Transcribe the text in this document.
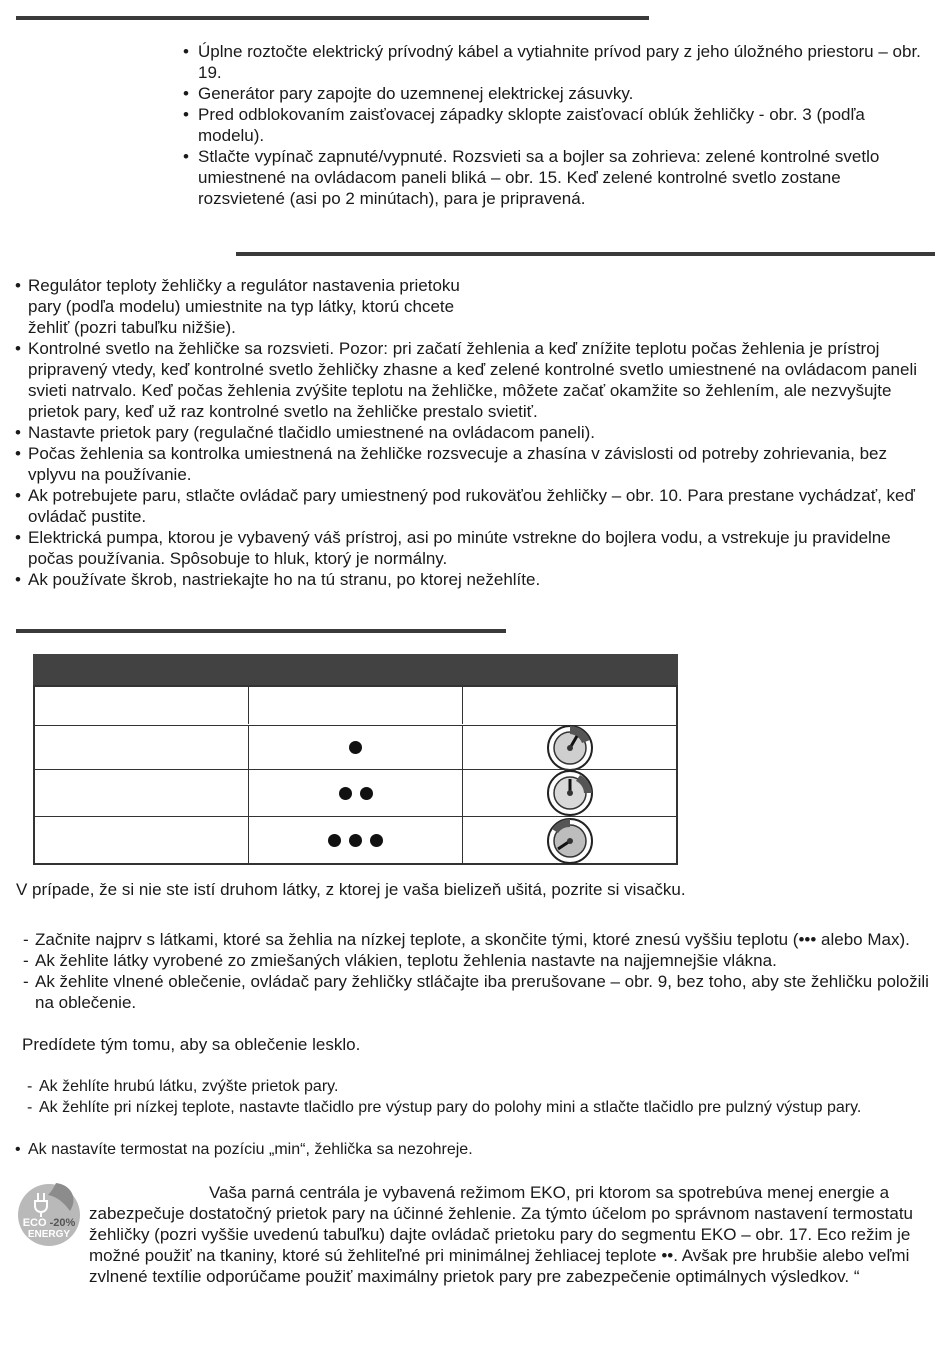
• Úplne roztočte elektrický prívodný kábel a vytiahnite prívod pary z jeho úložného priestoru – obr. 19.
• Generátor pary zapojte do uzemnenej elektrickej zásuvky.
• Pred odblokovaním zaisťovacej západky sklopte zaisťovací oblúk žehličky - obr. 3 (podľa modelu).
• Stlačte vypínač zapnuté/vypnuté. Rozsvieti sa a bojler sa zohrieva: zelené kontrolné svetlo umiestnené na ovládacom paneli bliká – obr. 15. Keď zelené kontrolné svetlo zostane rozsvietené (asi po 2 minútach), para je pripravená.
• Regulátor teploty žehličky a regulátor nastavenia prietoku pary (podľa modelu) umiestnite na typ látky, ktorú chcete žehliť (pozri tabuľku nižšie).
• Kontrolné svetlo na žehličke sa rozsvieti. Pozor: pri začatí žehlenia a keď znížite teplotu počas žehlenia je prístroj pripravený vtedy, keď kontrolné svetlo žehličky zhasne a keď zelené kontrolné svetlo umiestnené na ovládacom paneli svieti natrvalo. Keď počas žehlenia zvýšite teplotu na žehličke, môžete začať okamžite so žehlením, ale nezvyšujte prietok pary, keď už raz kontrolné svetlo na žehličke prestalo svietiť.
• Nastavte prietok pary (regulačné tlačidlo umiestnené na ovládacom paneli).
• Počas žehlenia sa kontrolka umiestnená na žehličke rozsvecuje a zhasína v závislosti od potreby zohrievania, bez vplyvu na používanie.
• Ak potrebujete paru, stlačte ovládač pary umiestnený pod rukoväťou žehličky – obr. 10. Para prestane vychádzať, keď ovládač pustite.
• Elektrická pumpa, ktorou je vybavený váš prístroj, asi po minúte vstrekne do bojlera vodu, a vstrekuje ju pravidelne počas používania. Spôsobuje to hluk, ktorý je normálny.
• Ak používate škrob, nastriekajte ho na tú stranu, po ktorej nežehlíte.

V prípade, že si nie ste istí druhom látky, z ktorej je vaša bielizeň ušitá, pozrite si visačku.

- Začnite najprv s látkami, ktoré sa žehlia na nízkej teplote, a skončite tými, ktoré znesú vyššiu teplotu (••• alebo Max).
- Ak žehlite látky vyrobené zo zmiešaných vlákien, teplotu žehlenia nastavte na najjemnejšie vlákna.
- Ak žehlite vlnené oblečenie, ovládač pary žehličky stláčajte iba prerušovane – obr. 9, bez toho, aby ste žehličku položili na oblečenie.

Predídete tým tomu, aby sa oblečenie lesklo.

- Ak žehlíte hrubú látku, zvýšte prietok pary.
- Ak žehlíte pri nízkej teplote, nastavte tlačidlo pre výstup pary do polohy mini a stlačte tlačidlo pre pulzný výstup pary.
• Ak nastavíte termostat na pozíciu „min“, žehlička sa nezohreje.
ECO -20%
ENERGY

Vaša parná centrála je vybavená režimom EKO, pri ktorom sa spotrebúva menej energie a zabezpečuje dostatočný prietok pary na účinné žehlenie. Za týmto účelom po správnom nastavení termostatu žehličky (pozri vyššie uvedenú tabuľku) dajte ovládač prietoku pary do segmentu EKO – obr. 17. Eco režim je možné použiť na tkaniny, ktoré sú žehliteľné pri minimálnej žehliacej teplote ••. Avšak pre hrubšie alebo veľmi zvlnené textílie odporúčame použiť maximálny prietok pary pre zabezpečenie optimálnych výsledkov. “
